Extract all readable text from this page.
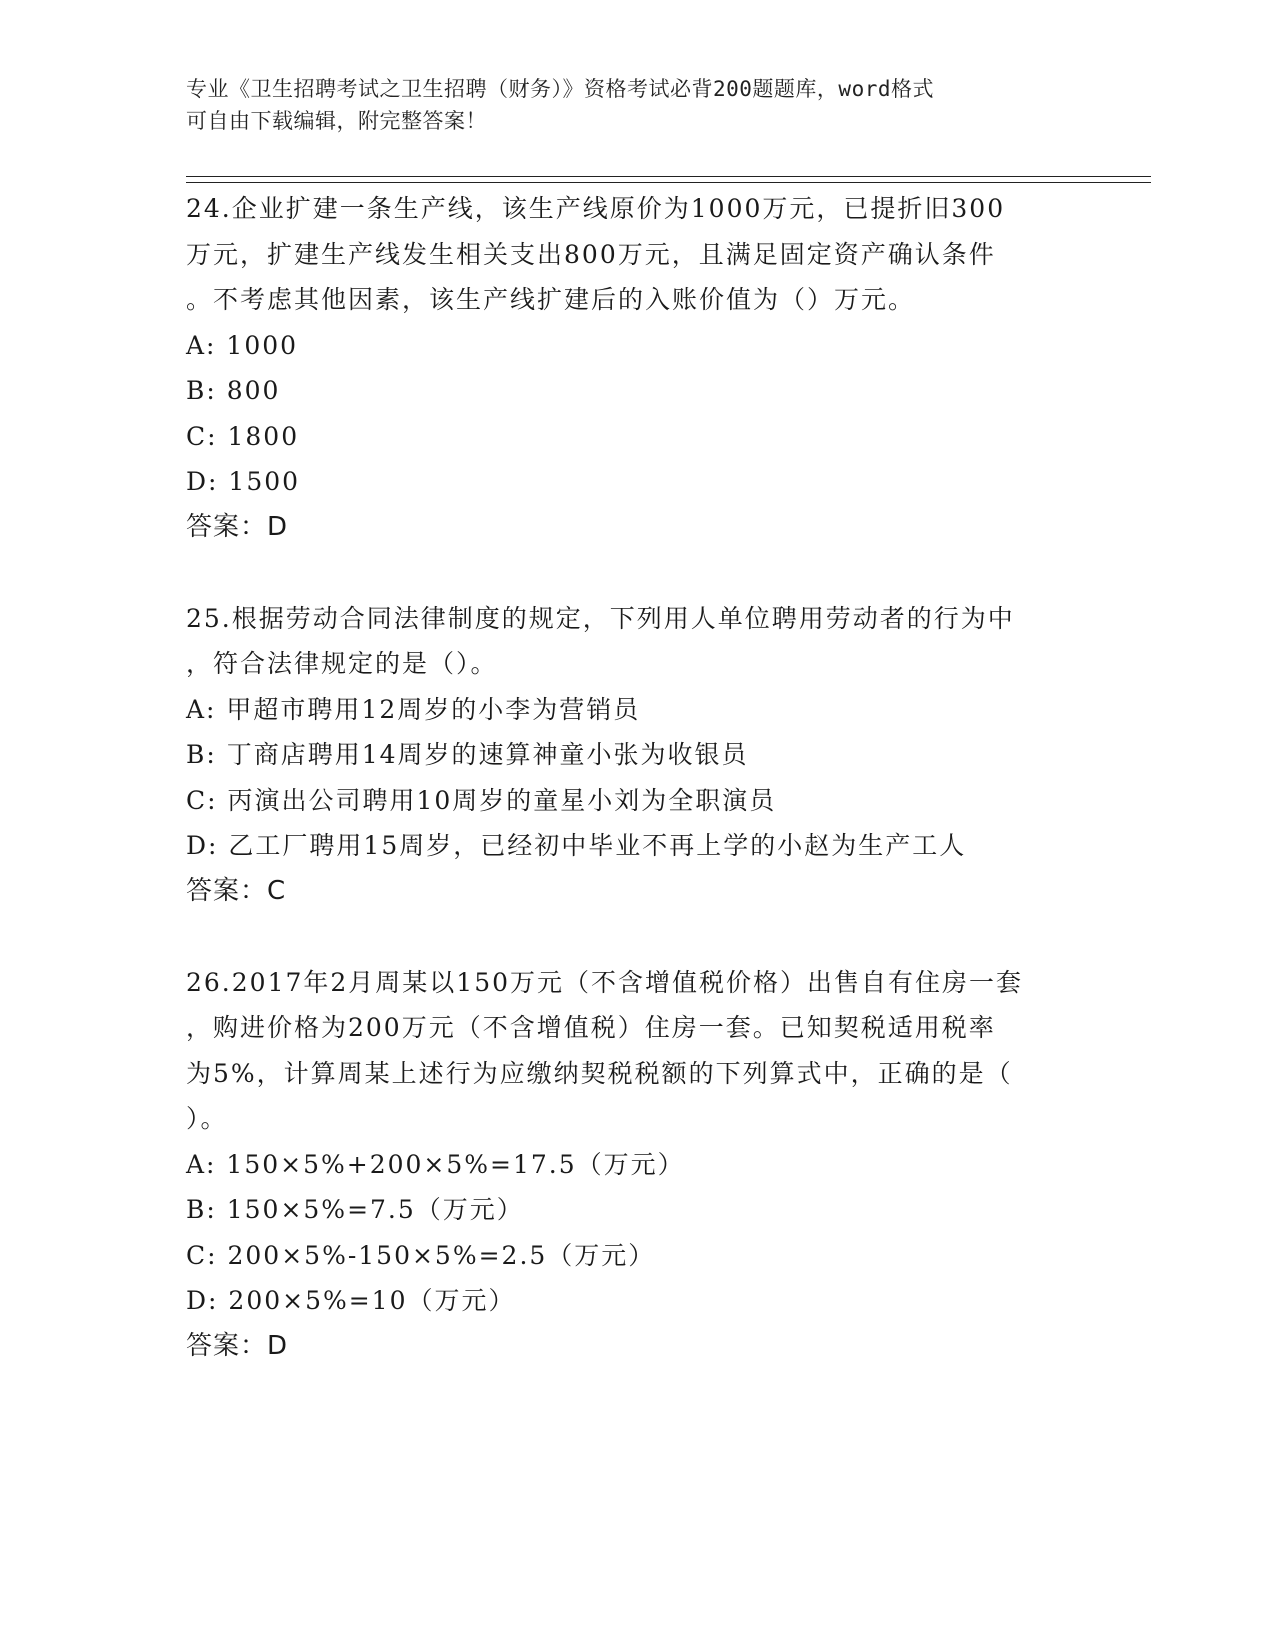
专业《卫生招聘考试之卫生招聘（财务）》资格考试必背200题题库，word格式
可自由下载编辑，附完整答案！
24.企业扩建一条生产线，该生产线原价为1000万元，已提折旧300
万元，扩建生产线发生相关支出800万元，且满足固定资产确认条件
。不考虑其他因素，该生产线扩建后的入账价值为（）万元。
A: 1000
B: 800
C: 1800
D: 1500
答案：D
25.根据劳动合同法律制度的规定，下列用人单位聘用劳动者的行为中
，符合法律规定的是（）。
A: 甲超市聘用12周岁的小李为营销员
B: 丁商店聘用14周岁的速算神童小张为收银员
C: 丙演出公司聘用10周岁的童星小刘为全职演员
D: 乙工厂聘用15周岁，已经初中毕业不再上学的小赵为生产工人
答案：C
26.2017年2月周某以150万元（不含增值税价格）出售自有住房一套
，购进价格为200万元（不含增值税）住房一套。已知契税适用税率
为5%，计算周某上述行为应缴纳契税税额的下列算式中，正确的是（
）。
A: 150×5%+200×5%=17.5（万元）
B: 150×5%=7.5（万元）
C: 200×5%-150×5%=2.5（万元）
D: 200×5%=10（万元）
答案：D
